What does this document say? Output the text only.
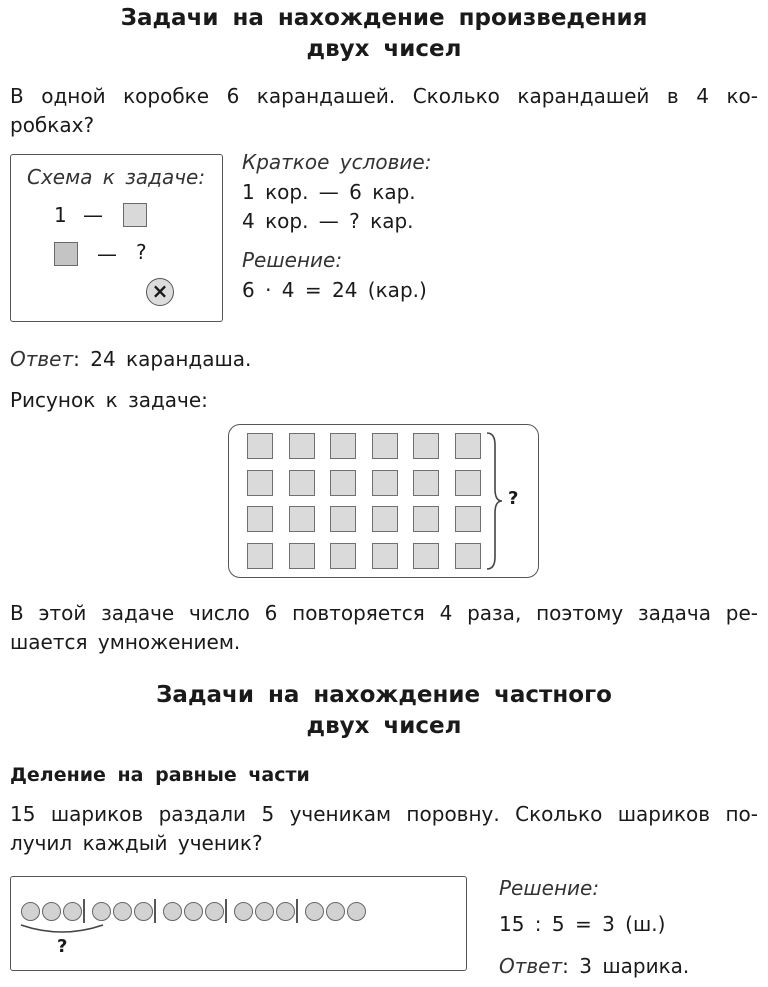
Задачи на нахождение произведения
двух чисел
В одной коробке 6 карандашей. Сколько карандашей в 4 ко-
робках?
Схема к задаче:
1 —
— ?
×
Краткое условие:
1 кор. — 6 кар.
4 кор. — ? кар.
Решение:
6 · 4 = 24 (кар.)
Ответ: 24 карандаша.
Рисунок к задаче:
?
В этой задаче число 6 повторяется 4 раза, поэтому задача ре-
шается умножением.
Задачи на нахождение частного
двух чисел
Деление на равные части
15 шариков раздали 5 ученикам поровну. Сколько шариков по-
лучил каждый ученик?
?
Решение:
15 : 5 = 3 (ш.)
Ответ: 3 шарика.
